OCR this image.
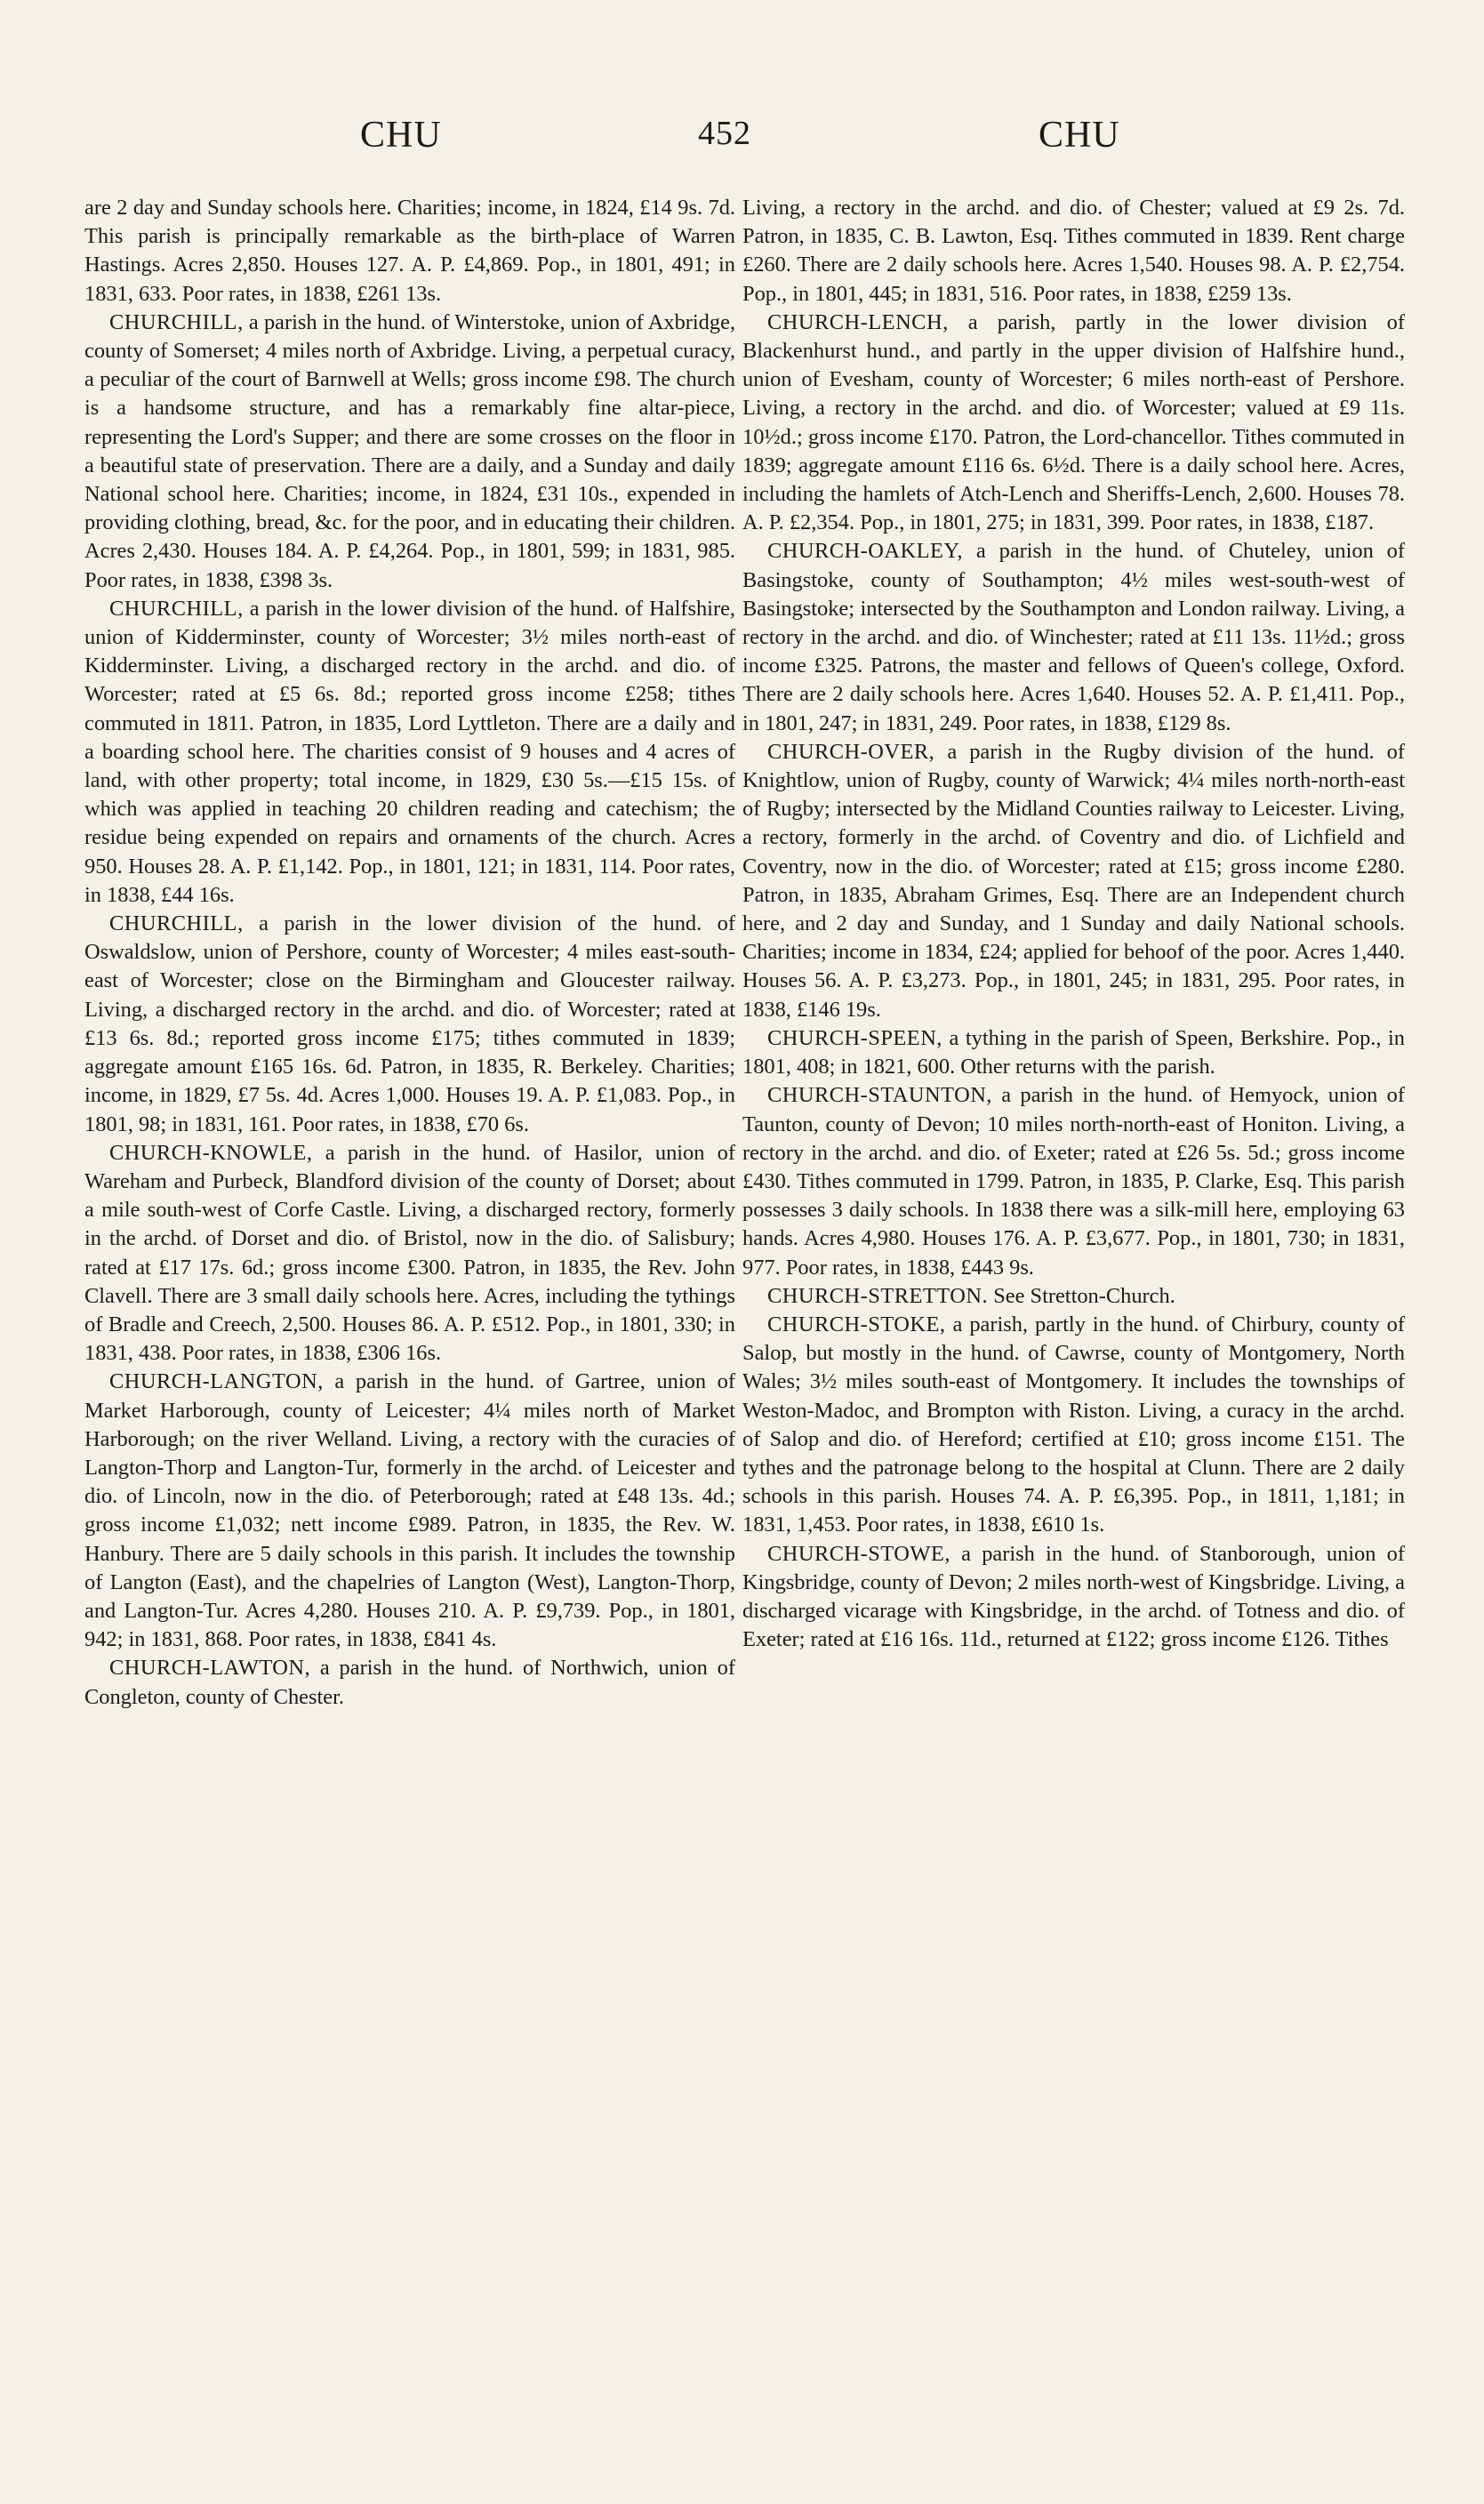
CHU	452	CHU

are 2 day and Sunday schools here. Charities; income, in 1824, £14 9s. 7d. This parish is principally remarkable as the birth-place of Warren Hastings. Acres 2,850. Houses 127. A. P. £4,869. Pop., in 1801, 491; in 1831, 633. Poor rates, in 1838, £261 13s.

CHURCHILL, a parish in the hund. of Winterstoke, union of Axbridge, county of Somerset; 4 miles north of Axbridge. Living, a perpetual curacy, a peculiar of the court of Barnwell at Wells; gross income £98. The church is a handsome structure, and has a remarkably fine altar-piece, representing the Lord's Supper; and there are some crosses on the floor in a beautiful state of preservation. There are a daily, and a Sunday and daily National school here. Charities; income, in 1824, £31 10s., expended in providing clothing, bread, &c. for the poor, and in educating their children. Acres 2,430. Houses 184. A. P. £4,264. Pop., in 1801, 599; in 1831, 985. Poor rates, in 1838, £398 3s.

CHURCHILL, a parish in the lower division of the hund. of Halfshire, union of Kidderminster, county of Worcester; 3½ miles north-east of Kidderminster. Living, a discharged rectory in the archd. and dio. of Worcester; rated at £5 6s. 8d.; reported gross income £258; tithes commuted in 1811. Patron, in 1835, Lord Lyttleton. There are a daily and a boarding school here. The charities consist of 9 houses and 4 acres of land, with other property; total income, in 1829, £30 5s.—£15 15s. of which was applied in teaching 20 children reading and catechism; the residue being expended on repairs and ornaments of the church. Acres 950. Houses 28. A. P. £1,142. Pop., in 1801, 121; in 1831, 114. Poor rates, in 1838, £44 16s.

CHURCHILL, a parish in the lower division of the hund. of Oswaldslow, union of Pershore, county of Worcester; 4 miles east-south-east of Worcester; close on the Birmingham and Gloucester railway. Living, a discharged rectory in the archd. and dio. of Worcester; rated at £13 6s. 8d.; reported gross income £175; tithes commuted in 1839; aggregate amount £165 16s. 6d. Patron, in 1835, R. Berkeley. Charities; income, in 1829, £7 5s. 4d. Acres 1,000. Houses 19. A. P. £1,083. Pop., in 1801, 98; in 1831, 161. Poor rates, in 1838, £70 6s.

CHURCH-KNOWLE, a parish in the hund. of Hasilor, union of Wareham and Purbeck, Blandford division of the county of Dorset; about a mile south-west of Corfe Castle. Living, a discharged rectory, formerly in the archd. of Dorset and dio. of Bristol, now in the dio. of Salisbury; rated at £17 17s. 6d.; gross income £300. Patron, in 1835, the Rev. John Clavell. There are 3 small daily schools here. Acres, including the tythings of Bradle and Creech, 2,500. Houses 86. A. P. £512. Pop., in 1801, 330; in 1831, 438. Poor rates, in 1838, £306 16s.

CHURCH-LANGTON, a parish in the hund. of Gartree, union of Market Harborough, county of Leicester; 4¼ miles north of Market Harborough; on the river Welland. Living, a rectory with the curacies of Langton-Thorp and Langton-Tur, formerly in the archd. of Leicester and dio. of Lincoln, now in the dio. of Peterborough; rated at £48 13s. 4d.; gross income £1,032; nett income £989. Patron, in 1835, the Rev. W. Hanbury. There are 5 daily schools in this parish. It includes the township of Langton (East), and the chapelries of Langton (West), Langton-Thorp, and Langton-Tur. Acres 4,280. Houses 210. A. P. £9,739. Pop., in 1801, 942; in 1831, 868. Poor rates, in 1838, £841 4s.

CHURCH-LAWTON, a parish in the hund. of Northwich, union of Congleton, county of Chester.

Living, a rectory in the archd. and dio. of Chester; valued at £9 2s. 7d. Patron, in 1835, C. B. Lawton, Esq. Tithes commuted in 1839. Rent charge £260. There are 2 daily schools here. Acres 1,540. Houses 98. A. P. £2,754. Pop., in 1801, 445; in 1831, 516. Poor rates, in 1838, £259 13s.

CHURCH-LENCH, a parish, partly in the lower division of Blackenhurst hund., and partly in the upper division of Halfshire hund., union of Evesham, county of Worcester; 6 miles north-east of Pershore. Living, a rectory in the archd. and dio. of Worcester; valued at £9 11s. 10½d.; gross income £170. Patron, the Lord-chancellor. Tithes commuted in 1839; aggregate amount £116 6s. 6½d. There is a daily school here. Acres, including the hamlets of Atch-Lench and Sheriffs-Lench, 2,600. Houses 78. A. P. £2,354. Pop., in 1801, 275; in 1831, 399. Poor rates, in 1838, £187.

CHURCH-OAKLEY, a parish in the hund. of Chuteley, union of Basingstoke, county of Southampton; 4½ miles west-south-west of Basingstoke; intersected by the Southampton and London railway. Living, a rectory in the archd. and dio. of Winchester; rated at £11 13s. 11½d.; gross income £325. Patrons, the master and fellows of Queen's college, Oxford. There are 2 daily schools here. Acres 1,640. Houses 52. A. P. £1,411. Pop., in 1801, 247; in 1831, 249. Poor rates, in 1838, £129 8s.

CHURCH-OVER, a parish in the Rugby division of the hund. of Knightlow, union of Rugby, county of Warwick; 4¼ miles north-north-east of Rugby; intersected by the Midland Counties railway to Leicester. Living, a rectory, formerly in the archd. of Coventry and dio. of Lichfield and Coventry, now in the dio. of Worcester; rated at £15; gross income £280. Patron, in 1835, Abraham Grimes, Esq. There are an Independent church here, and 2 day and Sunday, and 1 Sunday and daily National schools. Charities; income in 1834, £24; applied for behoof of the poor. Acres 1,440. Houses 56. A. P. £3,273. Pop., in 1801, 245; in 1831, 295. Poor rates, in 1838, £146 19s.

CHURCH-SPEEN, a tything in the parish of Speen, Berkshire. Pop., in 1801, 408; in 1821, 600. Other returns with the parish.

CHURCH-STAUNTON, a parish in the hund. of Hemyock, union of Taunton, county of Devon; 10 miles north-north-east of Honiton. Living, a rectory in the archd. and dio. of Exeter; rated at £26 5s. 5d.; gross income £430. Tithes commuted in 1799. Patron, in 1835, P. Clarke, Esq. This parish possesses 3 daily schools. In 1838 there was a silk-mill here, employing 63 hands. Acres 4,980. Houses 176. A. P. £3,677. Pop., in 1801, 730; in 1831, 977. Poor rates, in 1838, £443 9s.

CHURCH-STRETTON. See Stretton-Church.

CHURCH-STOKE, a parish, partly in the hund. of Chirbury, county of Salop, but mostly in the hund. of Cawrse, county of Montgomery, North Wales; 3½ miles south-east of Montgomery. It includes the townships of Weston-Madoc, and Brompton with Riston. Living, a curacy in the archd. of Salop and dio. of Hereford; certified at £10; gross income £151. The tythes and the patronage belong to the hospital at Clunn. There are 2 daily schools in this parish. Houses 74. A. P. £6,395. Pop., in 1811, 1,181; in 1831, 1,453. Poor rates, in 1838, £610 1s.

CHURCH-STOWE, a parish in the hund. of Stanborough, union of Kingsbridge, county of Devon; 2 miles north-west of Kingsbridge. Living, a discharged vicarage with Kingsbridge, in the archd. of Totness and dio. of Exeter; rated at £16 16s. 11d., returned at £122; gross income £126. Tithes
